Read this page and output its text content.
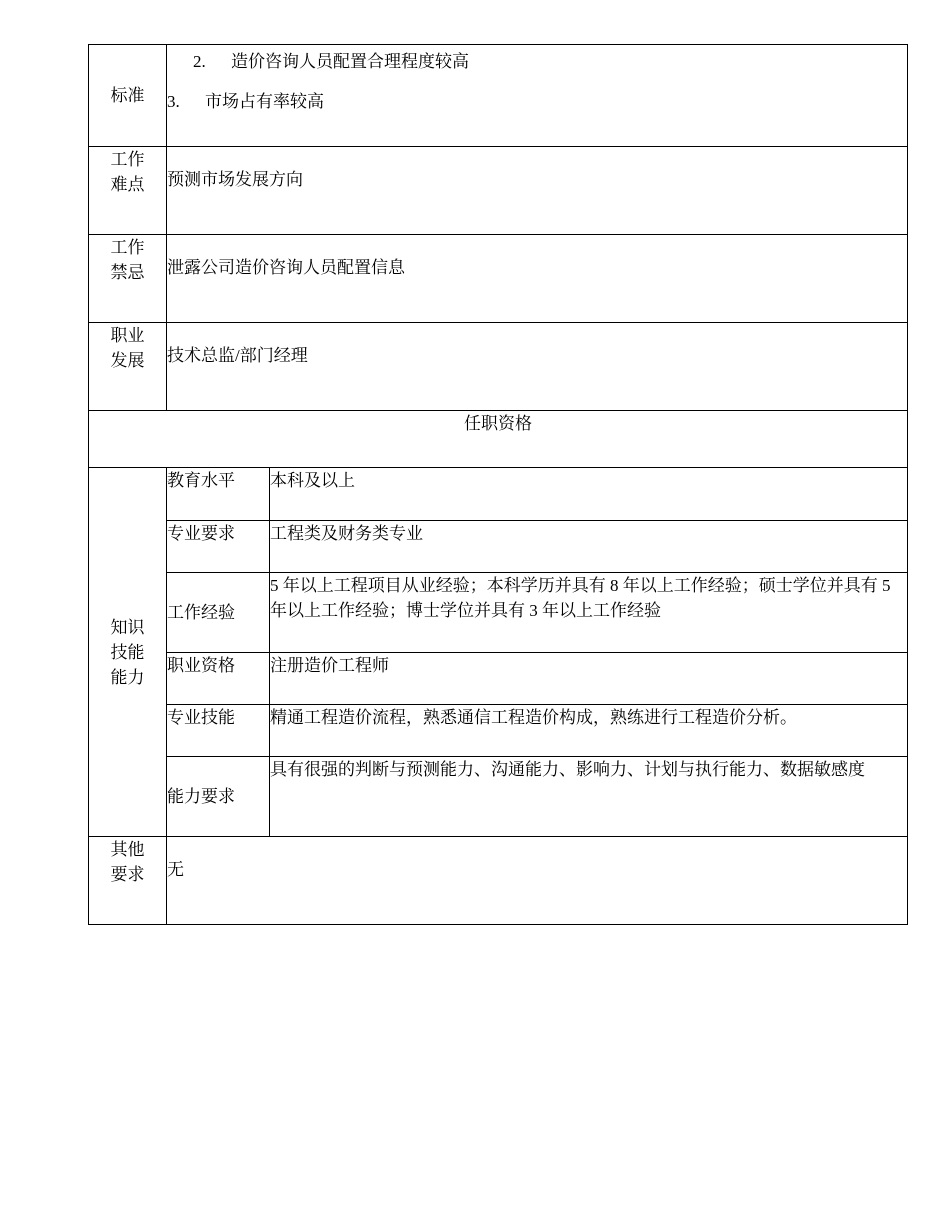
标准	2. 造价咨询人员配置合理程度较高
3. 市场占有率较高	

工作
难点	预测市场发展方向	

工作
禁忌	泄露公司造价咨询人员配置信息	

职业
发展	技术总监/部门经理	
任职资格		

知识
技能
能力	教育水平	本科及以上
	专业要求	工程类及财务类专业
	工作经验	5 年以上工程项目从业经验；本科学历并具有 8 年以上工作经验；硕士学位并具有 5 年以上工作经验；博士学位并具有 3 年以上工作经验
	职业资格	注册造价工程师
	专业技能	精通工程造价流程，熟悉通信工程造价构成，熟练进行工程造价分析。
	能力要求	具有很强的判断与预测能力、沟通能力、影响力、计划与执行能力、数据敏感度

其他
要求	无	
